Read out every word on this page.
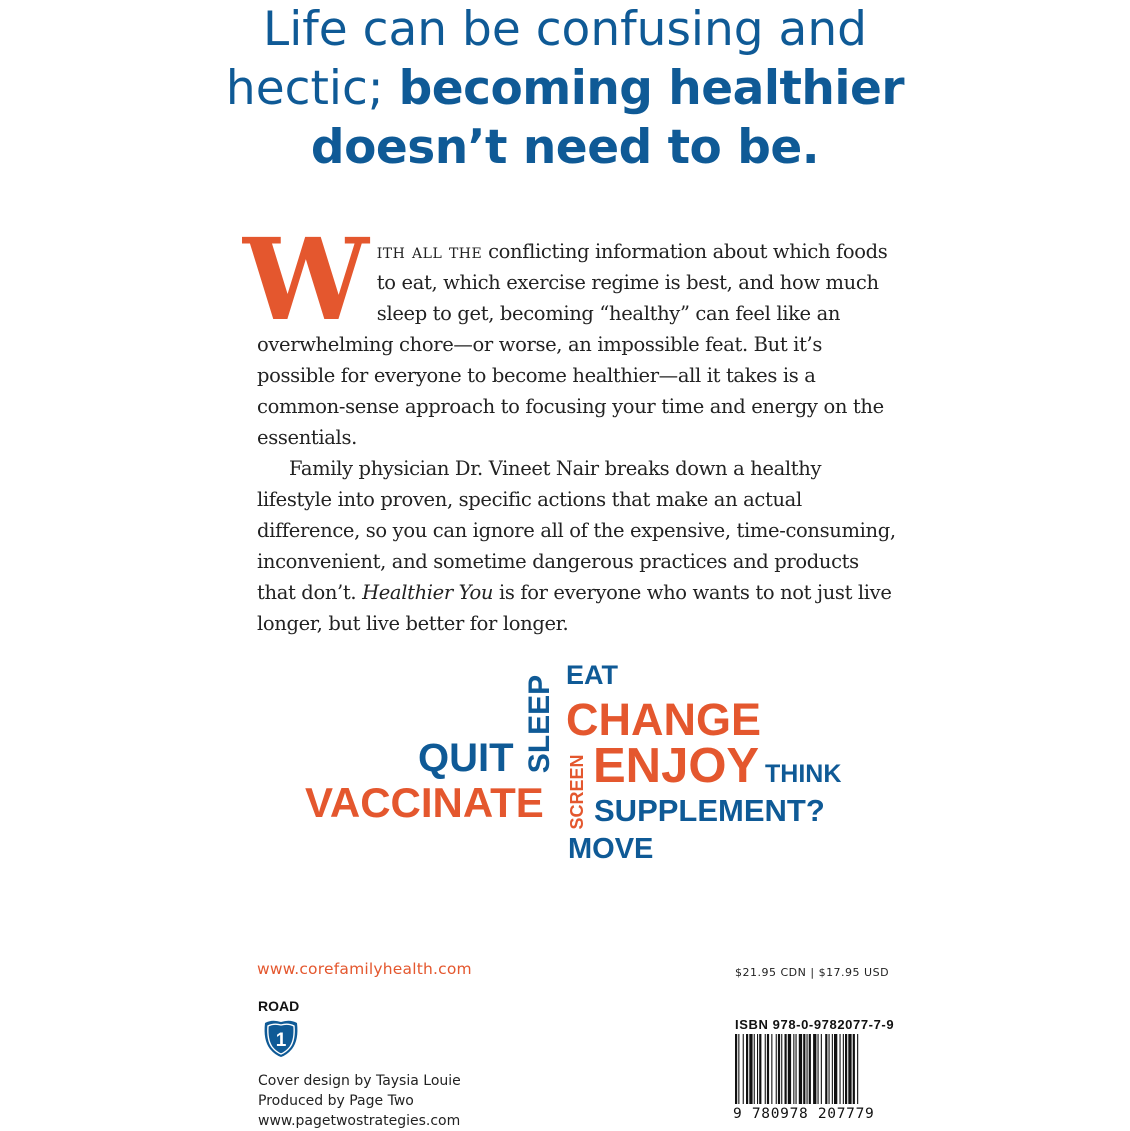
Life can be confusing and
hectic; becoming healthier
doesn’t need to be.

With all the conflicting information about which foods to eat, which exercise regime is best, and how much sleep to get, becoming “healthy” can feel like an overwhelming chore—or worse, an impossible feat. But it’s possible for everyone to become healthier—all it takes is a common-sense approach to focusing your time and energy on the essentials.

Family physician Dr. Vineet Nair breaks down a healthy lifestyle into proven, specific actions that make an actual difference, so you can ignore all of the expensive, time-consuming, inconvenient, and sometime dangerous practices and products that don’t. Healthier You is for everyone who wants to not just live longer, but live better for longer.

EAT
CHANGE
SLEEP
QUIT ENJOY THINK
SCREEN
VACCINATE SUPPLEMENT?
MOVE
www.corefamilyhealth.com	$21.95 CDN | $17.95 USD
ROAD
1
Cover design by Taysia Louie
Produced by Page Two
www.pagetwostrategies.com
ISBN 978-0-9782077-7-9
9 780978 207779
